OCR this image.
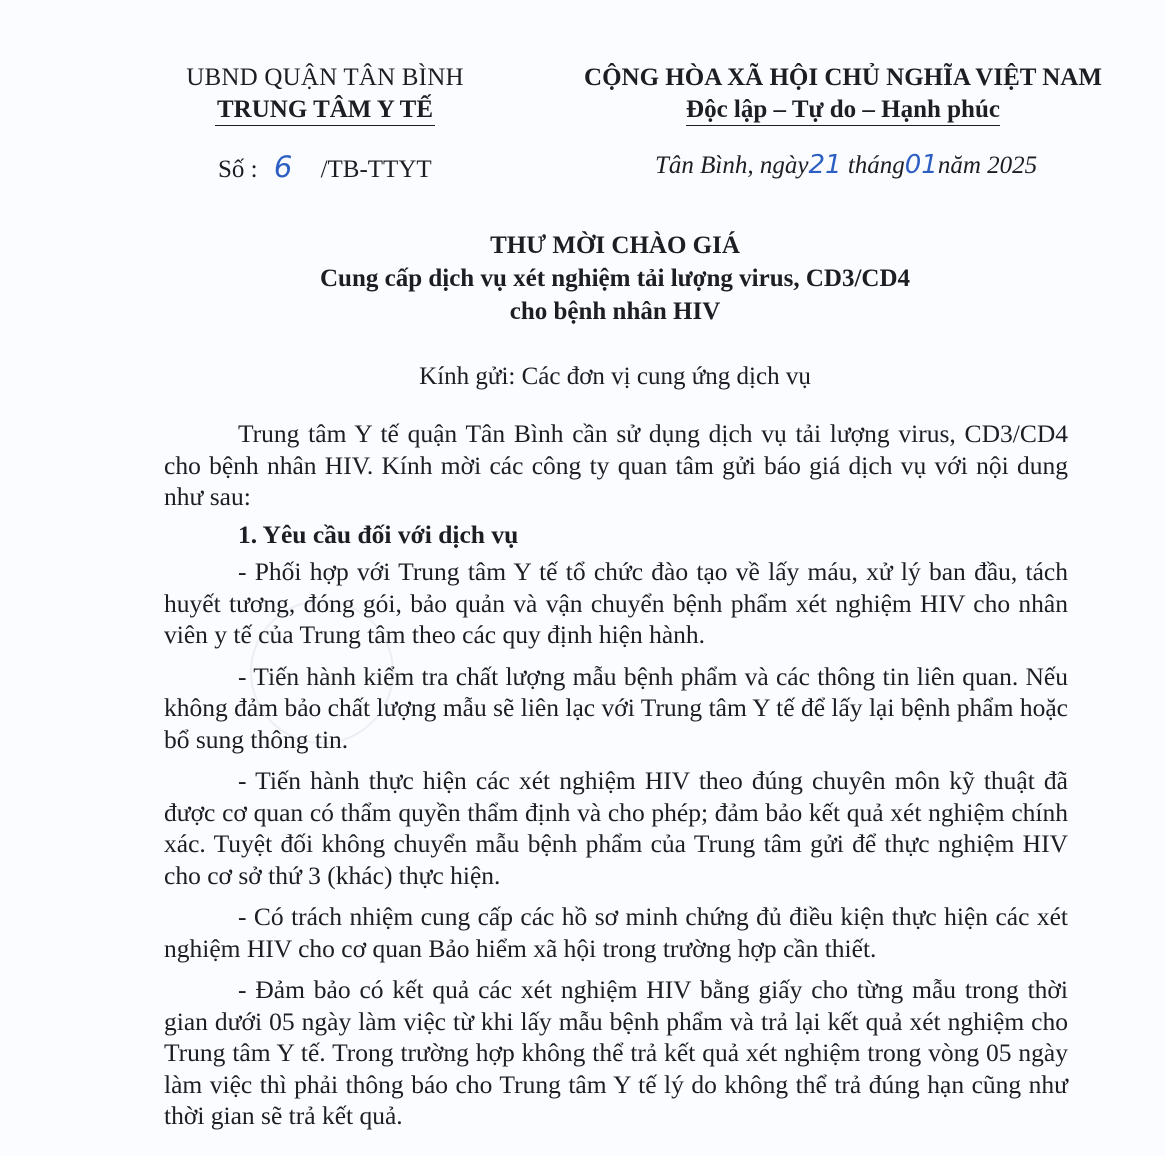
UBND QUẬN TÂN BÌNH
TRUNG TÂM Y TẾ
CỘNG HÒA XÃ HỘI CHỦ NGHĨA VIỆT NAM
Độc lập – Tự do – Hạnh phúc
Số : 6 /TB-TTYT	Tân Bình, ngày21 tháng01năm 2025
THƯ MỜI CHÀO GIÁ
Cung cấp dịch vụ xét nghiệm tải lượng virus, CD3/CD4
cho bệnh nhân HIV
Kính gửi: Các đơn vị cung ứng dịch vụ

Trung tâm Y tế quận Tân Bình cần sử dụng dịch vụ tải lượng virus, CD3/CD4 cho bệnh nhân HIV. Kính mời các công ty quan tâm gửi báo giá dịch vụ với nội dung như sau:

1. Yêu cầu đối với dịch vụ

- Phối hợp với Trung tâm Y tế tổ chức đào tạo về lấy máu, xử lý ban đầu, tách huyết tương, đóng gói, bảo quản và vận chuyển bệnh phẩm xét nghiệm HIV cho nhân viên y tế của Trung tâm theo các quy định hiện hành.

- Tiến hành kiểm tra chất lượng mẫu bệnh phẩm và các thông tin liên quan. Nếu không đảm bảo chất lượng mẫu sẽ liên lạc với Trung tâm Y tế để lấy lại bệnh phẩm hoặc bổ sung thông tin.

- Tiến hành thực hiện các xét nghiệm HIV theo đúng chuyên môn kỹ thuật đã được cơ quan có thẩm quyền thẩm định và cho phép; đảm bảo kết quả xét nghiệm chính xác. Tuyệt đối không chuyển mẫu bệnh phẩm của Trung tâm gửi để thực nghiệm HIV cho cơ sở thứ 3 (khác) thực hiện.

- Có trách nhiệm cung cấp các hồ sơ minh chứng đủ điều kiện thực hiện các xét nghiệm HIV cho cơ quan Bảo hiểm xã hội trong trường hợp cần thiết.

- Đảm bảo có kết quả các xét nghiệm HIV bằng giấy cho từng mẫu trong thời gian dưới 05 ngày làm việc từ khi lấy mẫu bệnh phẩm và trả lại kết quả xét nghiệm cho Trung tâm Y tế. Trong trường hợp không thể trả kết quả xét nghiệm trong vòng 05 ngày làm việc thì phải thông báo cho Trung tâm Y tế lý do không thể trả đúng hạn cũng như thời gian sẽ trả kết quả.
